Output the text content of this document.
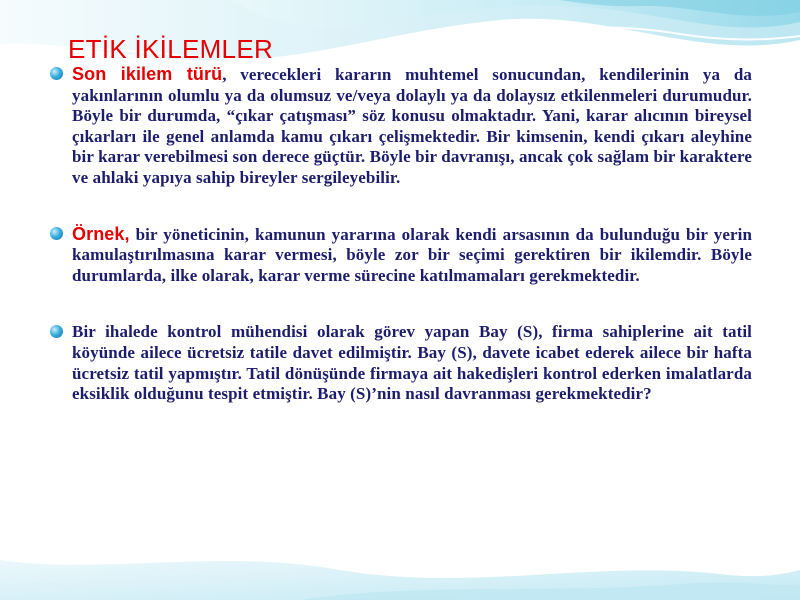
ETİK İKİLEMLER
Son ikilem türü, verecekleri kararın muhtemel sonucundan, kendilerinin ya da yakınlarının olumlu ya da olumsuz ve/veya dolaylı ya da dolaysız etkilenmeleri durumudur. Böyle bir durumda, “çıkar çatışması” söz konusu olmaktadır. Yani, karar alıcının bireysel çıkarları ile genel anlamda kamu çıkarı çelişmektedir. Bir kimsenin, kendi çıkarı aleyhine bir karar verebilmesi son derece güçtür. Böyle bir davranışı, ancak çok sağlam bir karaktere ve ahlaki yapıya sahip bireyler sergileyebilir.
Örnek, bir yöneticinin, kamunun yararına olarak kendi arsasının da bulunduğu bir yerin kamulaştırılmasına karar vermesi, böyle zor bir seçimi gerektiren bir ikilemdir. Böyle durumlarda, ilke olarak, karar verme sürecine katılmamaları gerekmektedir.
Bir ihalede kontrol mühendisi olarak görev yapan Bay (S), firma sahiplerine ait tatil köyünde ailece ücretsiz tatile davet edilmiştir. Bay (S), davete icabet ederek ailece bir hafta ücretsiz tatil yapmıştır. Tatil dönüşünde firmaya ait hakedişleri kontrol ederken imalatlarda eksiklik olduğunu tespit etmiştir. Bay (S)’nin nasıl davranması gerekmektedir?
